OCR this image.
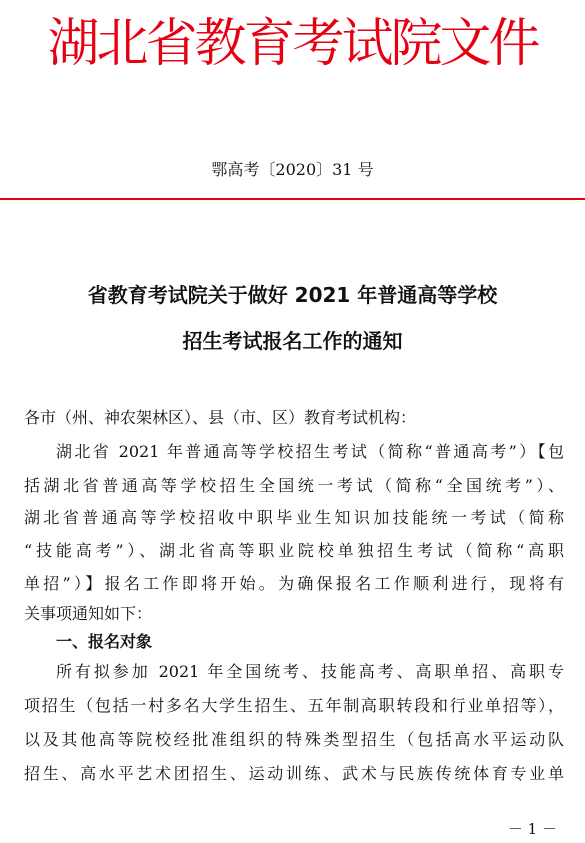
湖北省教育考试院文件
鄂高考〔2020〕31 号
省教育考试院关于做好 2021 年普通高等学校
招生考试报名工作的通知
各市（州、神农架林区）、县（市、区）教育考试机构：
湖北省 2021 年普通高等学校招生考试（简称“普通高考”）【包
括湖北省普通高等学校招生全国统一考试（简称“全国统考”）、
湖北省普通高等学校招收中职毕业生知识加技能统一考试（简称
“技能高考”）、湖北省高等职业院校单独招生考试（简称“高职
单招”）】报名工作即将开始。为确保报名工作顺利进行，现将有
关事项通知如下：
一、报名对象
所有拟参加 2021 年全国统考、技能高考、高职单招、高职专
项招生（包括一村多名大学生招生、五年制高职转段和行业单招等），
以及其他高等院校经批准组织的特殊类型招生（包括高水平运动队
招生、高水平艺术团招生、运动训练、武术与民族传统体育专业单
－ 1 －
